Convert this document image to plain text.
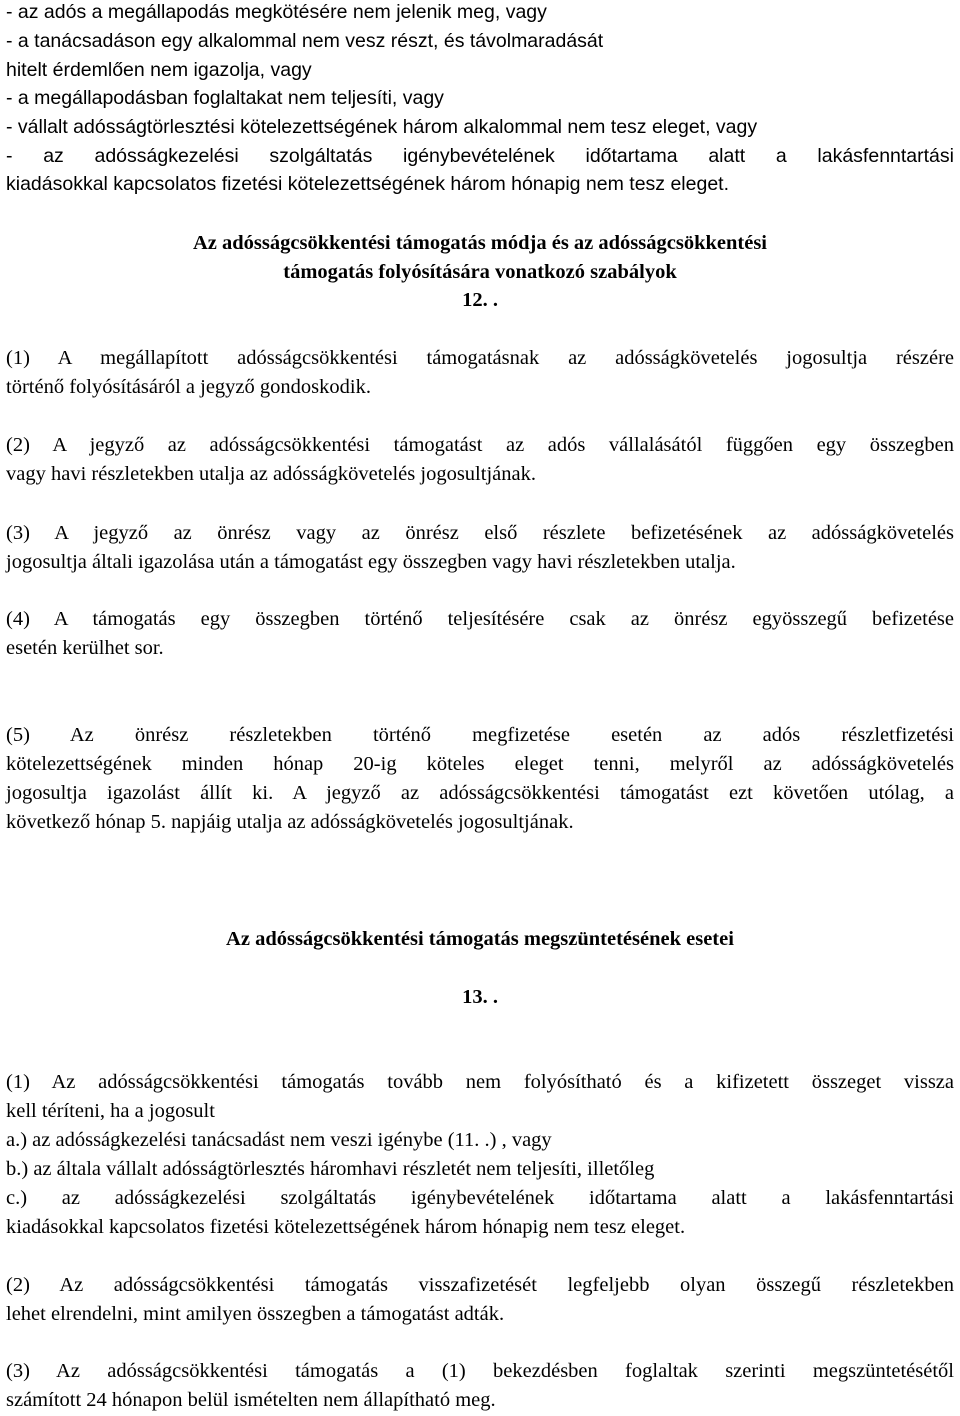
- az adós a megállapodás megkötésére nem jelenik meg, vagy
- a tanácsadáson egy alkalommal nem vesz részt, és távolmaradását
hitelt érdemlően nem igazolja, vagy
- a megállapodásban foglaltakat nem teljesíti, vagy
- vállalt adósságtörlesztési kötelezettségének három alkalommal nem tesz eleget, vagy
- az adósságkezelési szolgáltatás igénybevételének időtartama alatt a lakásfenntartási
kiadásokkal kapcsolatos fizetési kötelezettségének három hónapig nem tesz eleget.
Az adósságcsökkentési támogatás módja és az adósságcsökkentési
támogatás folyósítására vonatkozó szabályok
12. .
(1) A megállapított adósságcsökkentési támogatásnak az adósságkövetelés jogosultja részére
történő folyósításáról a jegyző gondoskodik.
(2) A jegyző az adósságcsökkentési támogatást az adós vállalásától függően egy összegben
vagy havi részletekben utalja az adósságkövetelés jogosultjának.
(3) A jegyző az önrész vagy az önrész első részlete befizetésének az adósságkövetelés
jogosultja általi igazolása után a támogatást egy összegben vagy havi részletekben utalja.
(4) A támogatás egy összegben történő teljesítésére csak az önrész egyösszegű befizetése
esetén kerülhet sor.
(5) Az önrész részletekben történő megfizetése esetén az adós részletfizetési
kötelezettségének minden hónap 20-ig köteles eleget tenni, melyről az adósságkövetelés
jogosultja igazolást állít ki. A jegyző az adósságcsökkentési támogatást ezt követően utólag, a
következő hónap 5. napjáig utalja az adósságkövetelés jogosultjának.
Az adósságcsökkentési támogatás megszüntetésének esetei
13. .
(1) Az adósságcsökkentési támogatás tovább nem folyósítható és a kifizetett összeget vissza
kell téríteni, ha a jogosult
a.) az adósságkezelési tanácsadást nem veszi igénybe (11. .) , vagy
b.) az általa vállalt adósságtörlesztés háromhavi részletét nem teljesíti, illetőleg
c.) az adósságkezelési szolgáltatás igénybevételének időtartama alatt a lakásfenntartási
kiadásokkal kapcsolatos fizetési kötelezettségének három hónapig nem tesz eleget.
(2) Az adósságcsökkentési támogatás visszafizetését legfeljebb olyan összegű részletekben
lehet elrendelni, mint amilyen összegben a támogatást adták.
(3) Az adósságcsökkentési támogatás a (1) bekezdésben foglaltak szerinti megszüntetésétől
számított 24 hónapon belül ismételten nem állapítható meg.
